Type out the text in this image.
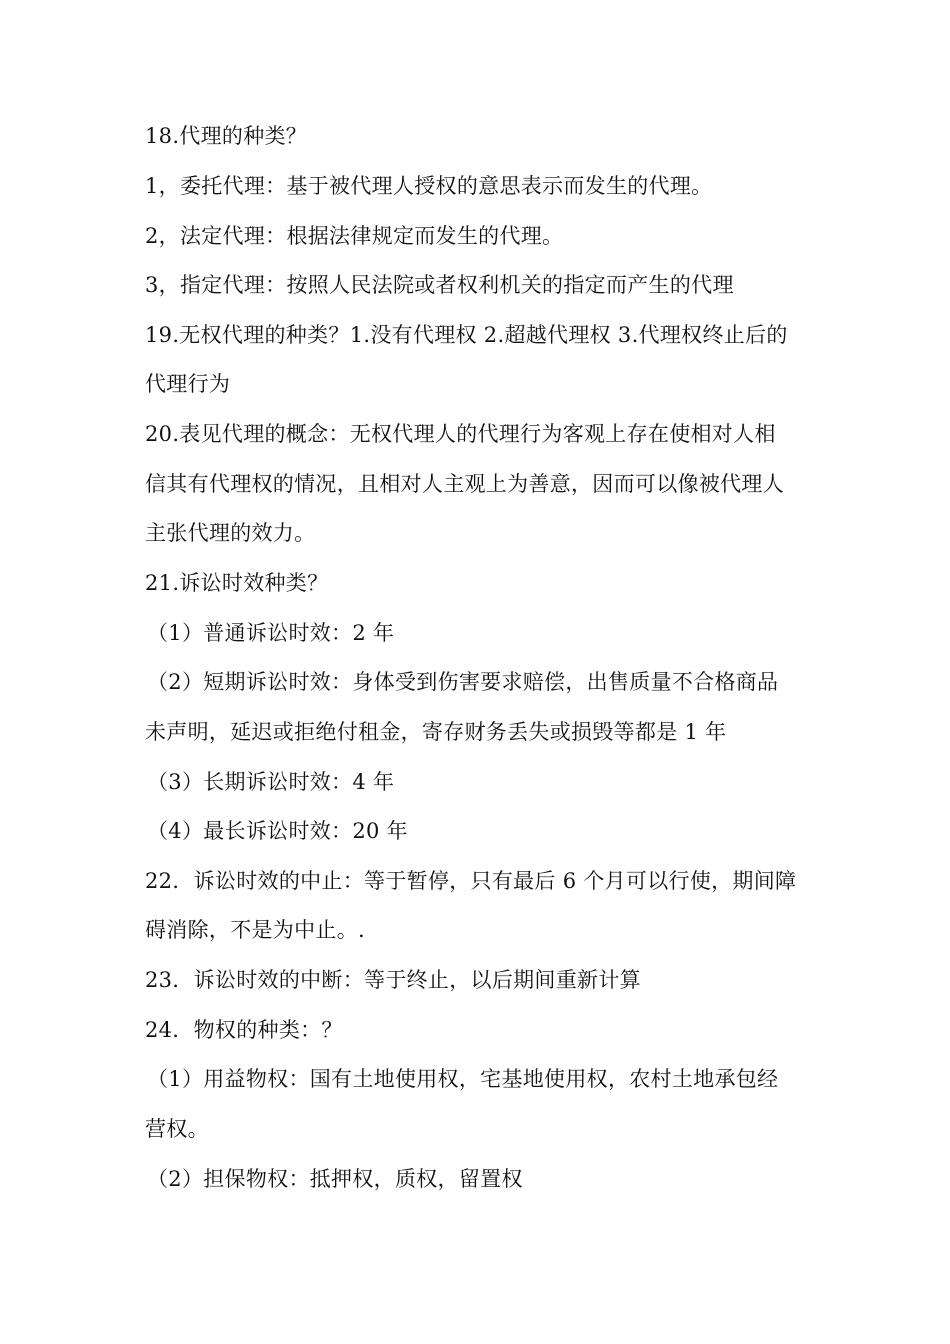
18.代理的种类？
1，委托代理：基于被代理人授权的意思表示而发生的代理。
2，法定代理：根据法律规定而发生的代理。
3，指定代理：按照人民法院或者权利机关的指定而产生的代理
19.无权代理的种类？1.没有代理权 2.超越代理权 3.代理权终止后的
代理行为
20.表见代理的概念：无权代理人的代理行为客观上存在使相对人相
信其有代理权的情况，且相对人主观上为善意，因而可以像被代理人
主张代理的效力。
21.诉讼时效种类？
（1）普通诉讼时效：2 年
（2）短期诉讼时效：身体受到伤害要求赔偿，出售质量不合格商品
未声明，延迟或拒绝付租金，寄存财务丢失或损毁等都是 1 年
（3）长期诉讼时效：4 年
（4）最长诉讼时效：20 年
22．诉讼时效的中止：等于暂停，只有最后 6 个月可以行使，期间障
碍消除，不是为中止。.
23．诉讼时效的中断：等于终止，以后期间重新计算
24．物权的种类：？
（1）用益物权：国有土地使用权，宅基地使用权，农村土地承包经
营权。
（2）担保物权：抵押权，质权，留置权
